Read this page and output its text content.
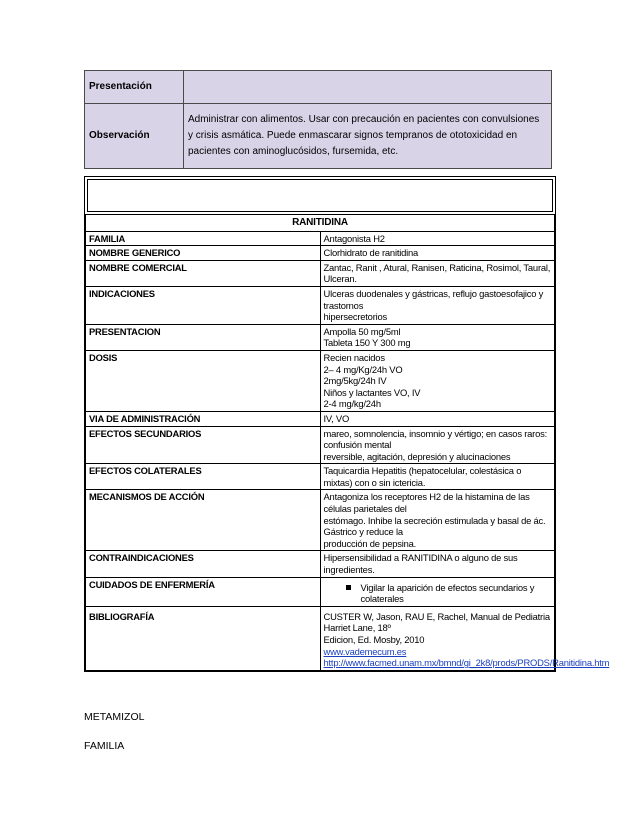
Presentación	
Observación	Administrar con alimentos. Usar con precaución en pacientes con convulsiones y crisis asmática. Puede enmascarar signos tempranos de ototoxicidad en pacientes con aminoglucósidos, fursemida, etc.
RANITIDINA	
FAMILIA	Antagonista H2

NOMBRE GENERICO	Clorhidrato de ranitidina

NOMBRE COMERCIAL	Zantac, Ranit , Atural, Ranisen, Raticina, Rosimol, Taural, Ulceran.

INDICACIONES	Ulceras duodenales y gástricas, reflujo gastoesofajico y trastornos
hipersecretorios

PRESENTACION	Ampolla 50 mg/5ml
Tableta 150 Y 300 mg

DOSIS	Recien nacidos
2– 4 mg/Kg/24h VO
2mg/5kg/24h IV
Niños y lactantes VO, IV
2-4 mg/kg/24h

VIA DE ADMINISTRACIÓN	IV, VO

EFECTOS SECUNDARIOS	mareo, somnolencia, insomnio y vértigo; en casos raros: confusión mental
reversible, agitación, depresión y alucinaciones

EFECTOS COLATERALES	Taquicardia Hepatitis (hepatocelular, colestásica o mixtas) con o sin ictericia.

MECANISMOS DE ACCIÓN	Antagoniza los receptores H2 de la histamina de las células parietales del
estómago. Inhibe la secreción estimulada y basal de ác. Gástrico y reduce la
producción de pepsina.

CONTRAINDICACIONES	Hipersensibilidad a RANITIDINA o alguno de sus ingredientes.

CUIDADOS DE ENFERMERÍA	Vigilar la aparición de efectos secundarios y colaterales

BIBLIOGRAFÍA	CUSTER W, Jason, RAU E, Rachel, Manual de Pediatria Harriet Lane, 18º
Edicion, Ed. Mosby, 2010
www.vademecum.es
http://www.facmed.unam.mx/bmnd/gi_2k8/prods/PRODS/Ranitidina.htm
METAMIZOL
FAMILIA
